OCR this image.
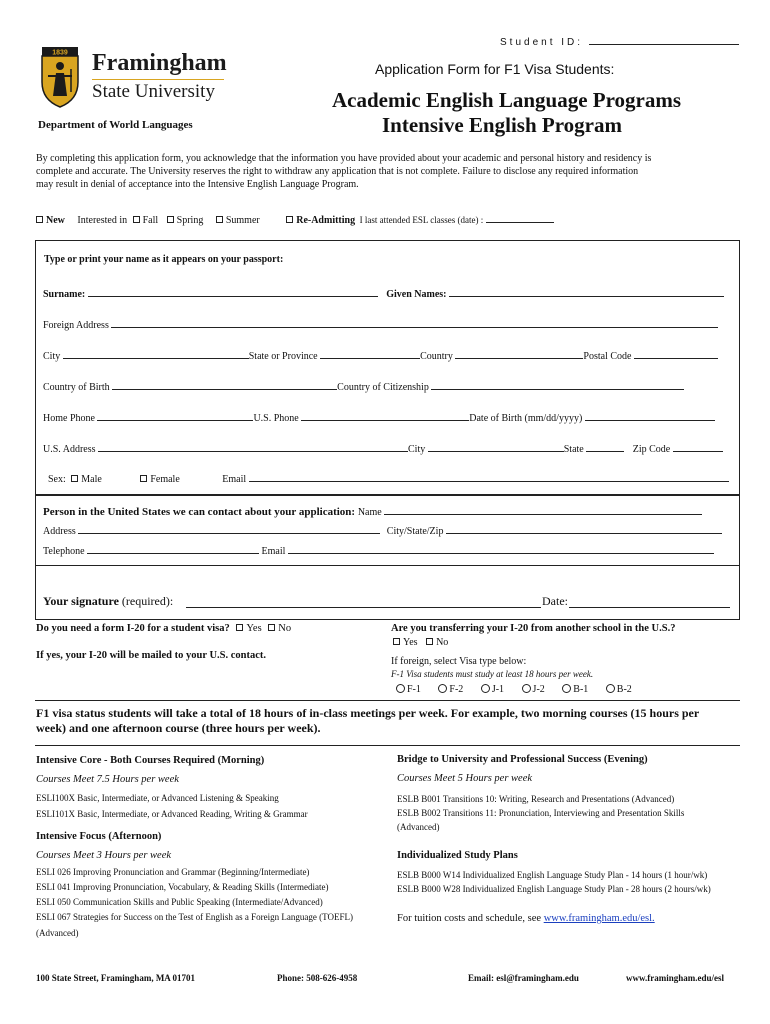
Student ID:
1839 Framingham
State University
Department of World Languages
Application Form for F1 Visa Students:
Academic English Language Programs
Intensive English Program
By completing this application form, you acknowledge that the information you have provided about your academic and personal history and residency is
complete and accurate. The University reserves the right to withdraw any application that is not complete. Failure to disclose any required information
may result in denial of acceptance into the Intensive English Language Program.
New Interested in Fall Spring Summer	Re-Admitting I last attended ESL classes (date) :
Type or print your name as it appears on your passport:
Surname:	Given Names:
Foreign Address
City	State or Province	Country	Postal Code
Country of Birth	Country of Citizenship
Home Phone	U.S. Phone	Date of Birth (mm/dd/yyyy)
U.S. Address	City	State	Zip Code
Sex: Male	Female	Email
Person in the United States we can contact about your application: Name
Address	City/State/Zip
Telephone	Email
Your signature (required):	Date:
Do you need a form I-20 for a student visa? Yes No
If yes, your I-20 will be mailed to your U.S. contact.
Are you transferring your I-20 from another school in the U.S.?
Yes No
If foreign, select Visa type below:
F-1 Visa students must study at least 18 hours per week.
F-1	F-2	J-1	J-2	B-1	B-2
F1 visa status students will take a total of 18 hours of in-class meetings per week. For example, two morning courses (15 hours per
week) and one afternoon course (three hours per week).
Intensive Core - Both Courses Required (Morning)
Courses Meet 7.5 Hours per week
ESLI100X Basic, Intermediate, or Advanced Listening & Speaking
ESLI101X Basic, Intermediate, or Advanced Reading, Writing & Grammar
Intensive Focus (Afternoon)
Courses Meet 3 Hours per week
ESLI 026 Improving Pronunciation and Grammar (Beginning/Intermediate)
ESLI 041 Improving Pronunciation, Vocabulary, & Reading Skills (Intermediate)
ESLI 050 Communication Skills and Public Speaking (Intermediate/Advanced)
ESLI 067 Strategies for Success on the Test of English as a Foreign Language (TOEFL)
(Advanced)
Bridge to University and Professional Success (Evening)
Courses Meet 5 Hours per week
ESLB B001 Transitions 10: Writing, Research and Presentations (Advanced)
ESLB B002 Transitions 11: Pronunciation, Interviewing and Presentation Skills
(Advanced)
Individualized Study Plans
ESLB B000 W14 Individualized English Language Study Plan - 14 hours (1 hour/wk)
ESLB B000 W28 Individualized English Language Study Plan - 28 hours (2 hours/wk)
For tuition costs and schedule, see www.framingham.edu/esl.
100 State Street, Framingham, MA 01701	Phone: 508-626-4958	Email: esl@framingham.edu	www.framingham.edu/esl
